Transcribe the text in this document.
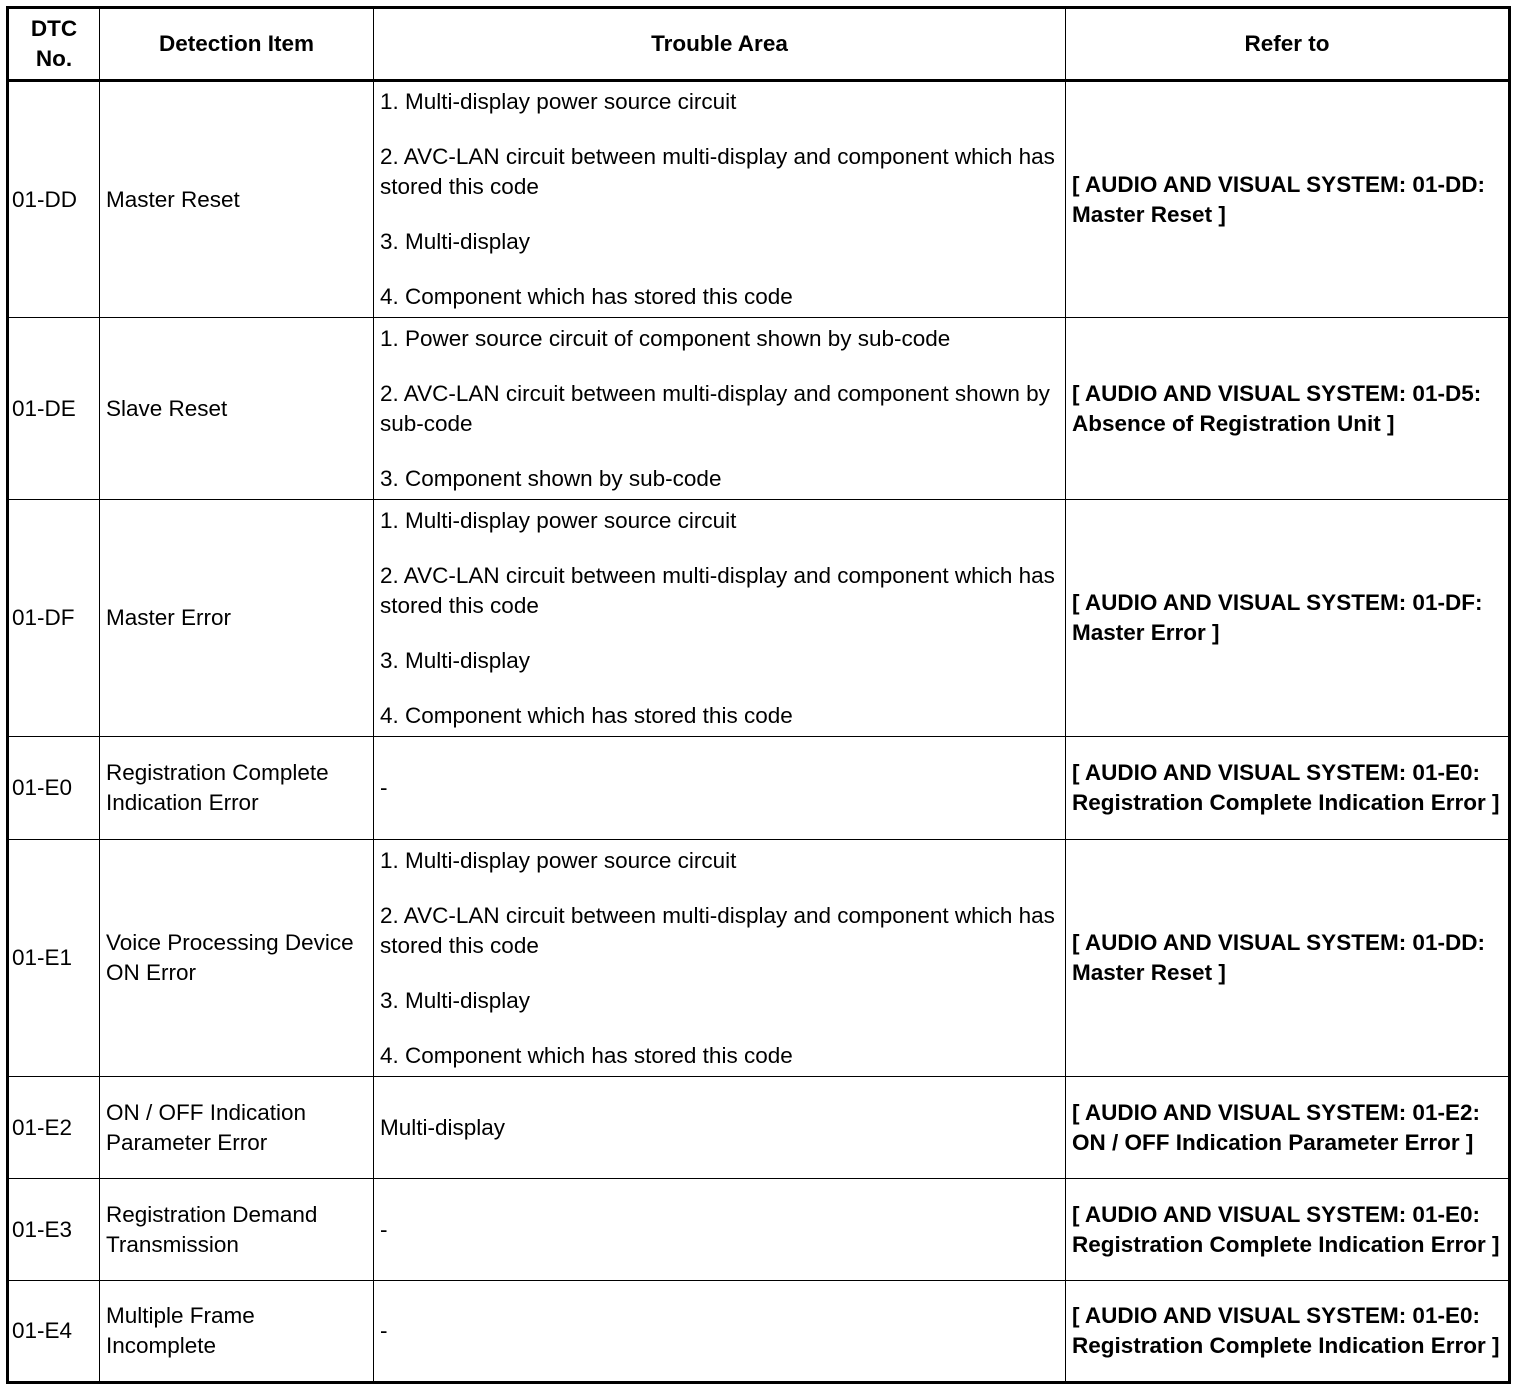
DTC No.	Detection Item	Trouble Area	Refer to
01-DD	Master Reset	1. Multi-display power source circuit
2. AVC-LAN circuit between multi-display and component which has stored this code
3. Multi-display
4. Component which has stored this code	[ AUDIO AND VISUAL SYSTEM: 01-DD: Master Reset ]
01-DE	Slave Reset	1. Power source circuit of component shown by sub-code
2. AVC-LAN circuit between multi-display and component shown by sub-code
3. Component shown by sub-code	[ AUDIO AND VISUAL SYSTEM: 01-D5: Absence of Registration Unit ]
01-DF	Master Error	1. Multi-display power source circuit
2. AVC-LAN circuit between multi-display and component which has stored this code
3. Multi-display
4. Component which has stored this code	[ AUDIO AND VISUAL SYSTEM: 01-DF: Master Error ]
01-E0	Registration Complete Indication Error	-	[ AUDIO AND VISUAL SYSTEM: 01-E0: Registration Complete Indication Error ]
01-E1	Voice Processing Device ON Error	1. Multi-display power source circuit
2. AVC-LAN circuit between multi-display and component which has stored this code
3. Multi-display
4. Component which has stored this code	[ AUDIO AND VISUAL SYSTEM: 01-DD: Master Reset ]
01-E2	ON / OFF Indication Parameter Error	Multi-display	[ AUDIO AND VISUAL SYSTEM: 01-E2: ON / OFF Indication Parameter Error ]
01-E3	Registration Demand Transmission	-	[ AUDIO AND VISUAL SYSTEM: 01-E0: Registration Complete Indication Error ]
01-E4	Multiple Frame Incomplete	-	[ AUDIO AND VISUAL SYSTEM: 01-E0: Registration Complete Indication Error ]
